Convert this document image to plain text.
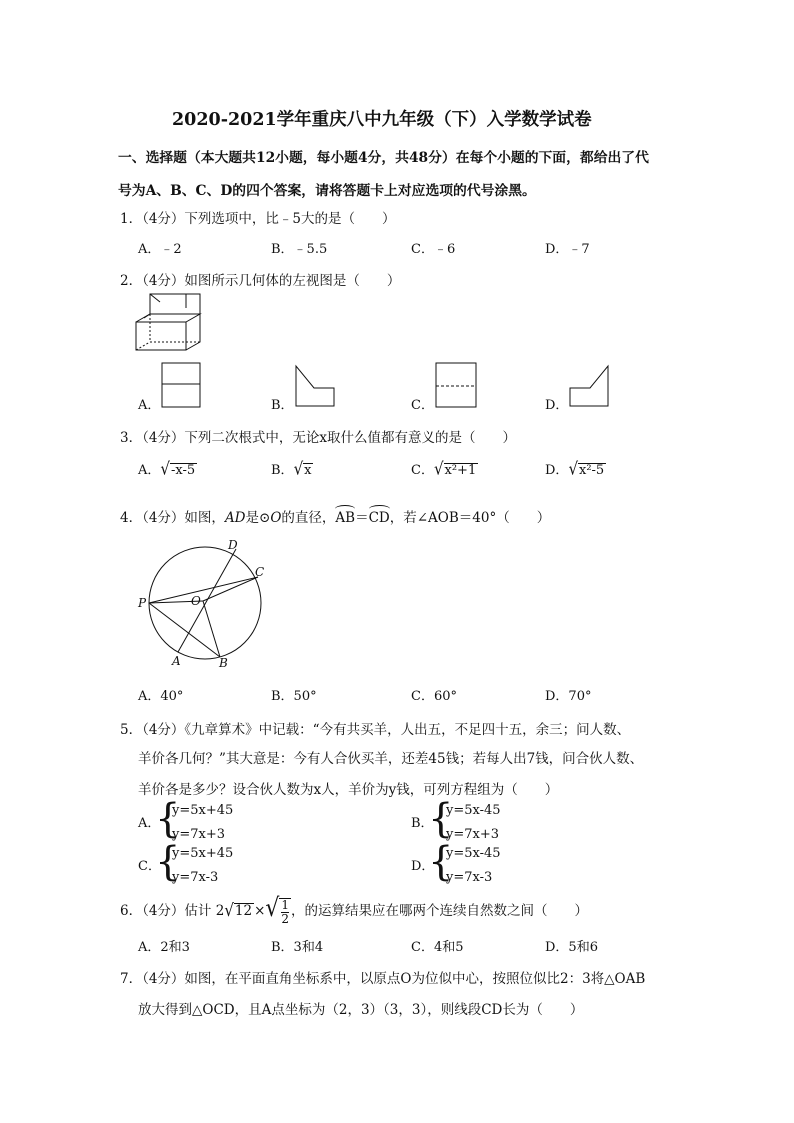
2020-2021学年重庆八中九年级（下）入学数学试卷
一、选择题（本大题共12小题，每小题4分，共48分）在每个小题的下面，都给出了代
号为A、B、C、D的四个答案，请将答题卡上对应选项的代号涂黑。
1．（4分）下列选项中，比﹣5大的是（　　）
A．﹣2	B．﹣5.5	C．﹣6	D．﹣7
2．（4分）如图所示几何体的左视图是（　　）
A．	B．	C．	D．
3．（4分）下列二次根式中，无论x取什么值都有意义的是（　　）
A．√-x-5	B．√x	C．√x²+1	D．√x²-5
4．（4分）如图，AD是⊙O的直径，AB＝CD，若∠AOB＝40°（　　）
D
C
P	O
A	B
A．40°	B．50°	C．60°	D．70°
5．（4分）《九章算术》中记载：“今有共买羊，人出五，不足四十五，余三；问人数、
羊价各几何？”其大意是：今有人合伙买羊，还差45钱；若每人出7钱，问合伙人数、
羊价各是多少？设合伙人数为x人，羊价为y钱，可列方程组为（　　）
A．
{
y=5x+45
y=7x+3
B．
{
y=5x-45
y=7x+3
C．
{
y=5x+45
y=7x-3
D．
{
y=5x-45
y=7x-3
6．（4分）估计 2√12 ×√ $\frac{1}{2}$ ，的运算结果应在哪两个连续自然数之间（　　）
A．2和3	B．3和4	C．4和5	D．5和6
7．（4分）如图，在平面直角坐标系中，以原点O为位似中心，按照位似比2：3将△OAB
放大得到△OCD，且A点坐标为（2，3）（3，3），则线段CD长为（　　）
